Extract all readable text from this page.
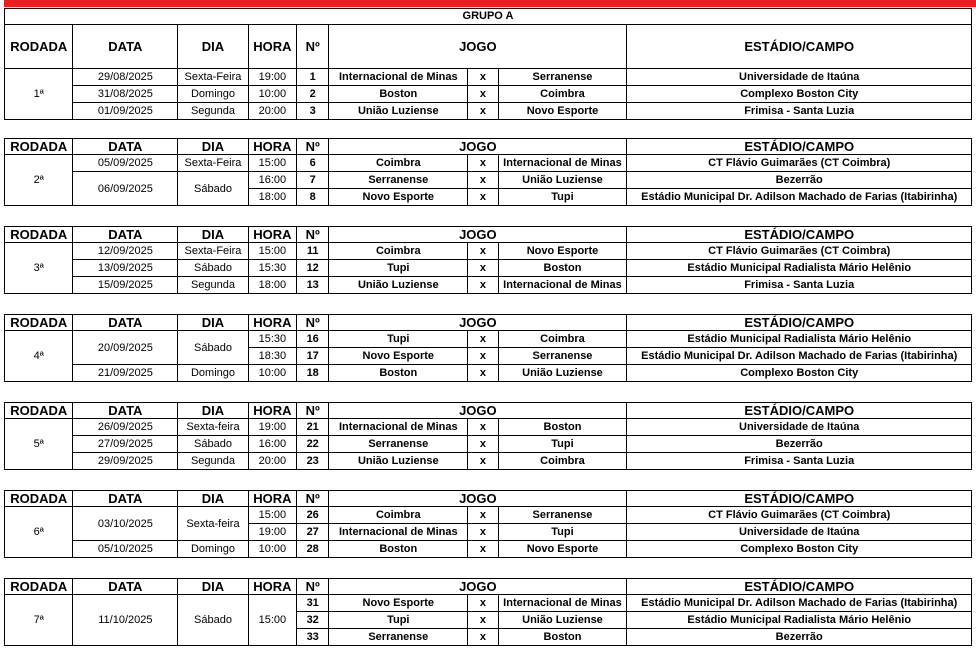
GRUPO A
RODADA	DATA	DIA	HORA	Nº	JOGO			ESTÁDIO/CAMPO
1ª	29/08/2025	Sexta-Feira	19:00	1	Internacional de Minas	x	Serranense	Universidade de Itaúna
	31/08/2025	Domingo	10:00	2	Boston	x	Coimbra	Complexo Boston City
	01/09/2025	Segunda	20:00	3	União Luziense	x	Novo Esporte	Frimisa - Santa Luzia
RODADA	DATA	DIA	HORA	Nº	JOGO			ESTÁDIO/CAMPO
2ª	05/09/2025	Sexta-Feira	15:00	6	Coimbra	x	Internacional de Minas	CT Flávio Guimarães (CT Coimbra)
	06/09/2025	Sábado	16:00	7	Serranense	x	União Luziense	Bezerrão
			18:00	8	Novo Esporte	x	Tupi	Estádio Municipal Dr. Adilson Machado de Farias (Itabirinha)
RODADA	DATA	DIA	HORA	Nº	JOGO			ESTÁDIO/CAMPO
3ª	12/09/2025	Sexta-Feira	15:00	11	Coimbra	x	Novo Esporte	CT Flávio Guimarães (CT Coimbra)
	13/09/2025	Sábado	15:30	12	Tupi	x	Boston	Estádio Municipal Radialista Mário Helênio
	15/09/2025	Segunda	18:00	13	União Luziense	x	Internacional de Minas	Frimisa - Santa Luzia
RODADA	DATA	DIA	HORA	Nº	JOGO			ESTÁDIO/CAMPO
4ª	20/09/2025	Sábado	15:30	16	Tupi	x	Coimbra	Estádio Municipal Radialista Mário Helênio
			18:30	17	Novo Esporte	x	Serranense	Estádio Municipal Dr. Adilson Machado de Farias (Itabirinha)
	21/09/2025	Domingo	10:00	18	Boston	x	União Luziense	Complexo Boston City
RODADA	DATA	DIA	HORA	Nº	JOGO			ESTÁDIO/CAMPO
5ª	26/09/2025	Sexta-feira	19:00	21	Internacional de Minas	x	Boston	Universidade de Itaúna
	27/09/2025	Sábado	16:00	22	Serranense	x	Tupi	Bezerrão
	29/09/2025	Segunda	20:00	23	União Luziense	x	Coimbra	Frimisa - Santa Luzia
RODADA	DATA	DIA	HORA	Nº	JOGO			ESTÁDIO/CAMPO
6ª	03/10/2025	Sexta-feira	15:00	26	Coimbra	x	Serranense	CT Flávio Guimarães (CT Coimbra)
			19:00	27	Internacional de Minas	x	Tupi	Universidade de Itaúna
	05/10/2025	Domingo	10:00	28	Boston	x	Novo Esporte	Complexo Boston City
RODADA	DATA	DIA	HORA	Nº	JOGO			ESTÁDIO/CAMPO
7ª	11/10/2025	Sábado	15:00	31	Novo Esporte	x	Internacional de Minas	Estádio Municipal Dr. Adilson Machado de Farias (Itabirinha)
				32	Tupi	x	União Luziense	Estádio Municipal Radialista Mário Helênio
				33	Serranense	x	Boston	Bezerrão
